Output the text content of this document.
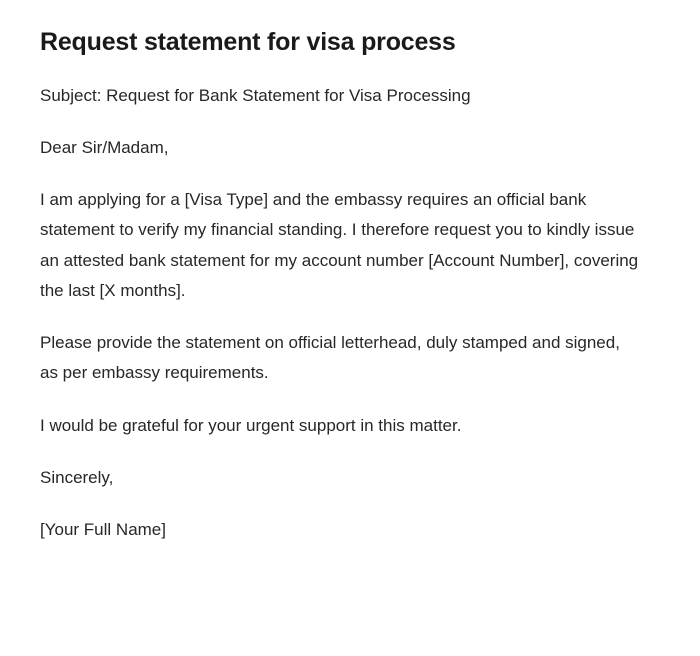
Request statement for visa process

Subject: Request for Bank Statement for Visa Processing

Dear Sir/Madam,

I am applying for a [Visa Type] and the embassy requires an official bank statement to verify my financial standing. I therefore request you to kindly issue an attested bank statement for my account number [Account Number], covering the last [X months].

Please provide the statement on official letterhead, duly stamped and signed, as per embassy requirements.

I would be grateful for your urgent support in this matter.

Sincerely,

[Your Full Name]
